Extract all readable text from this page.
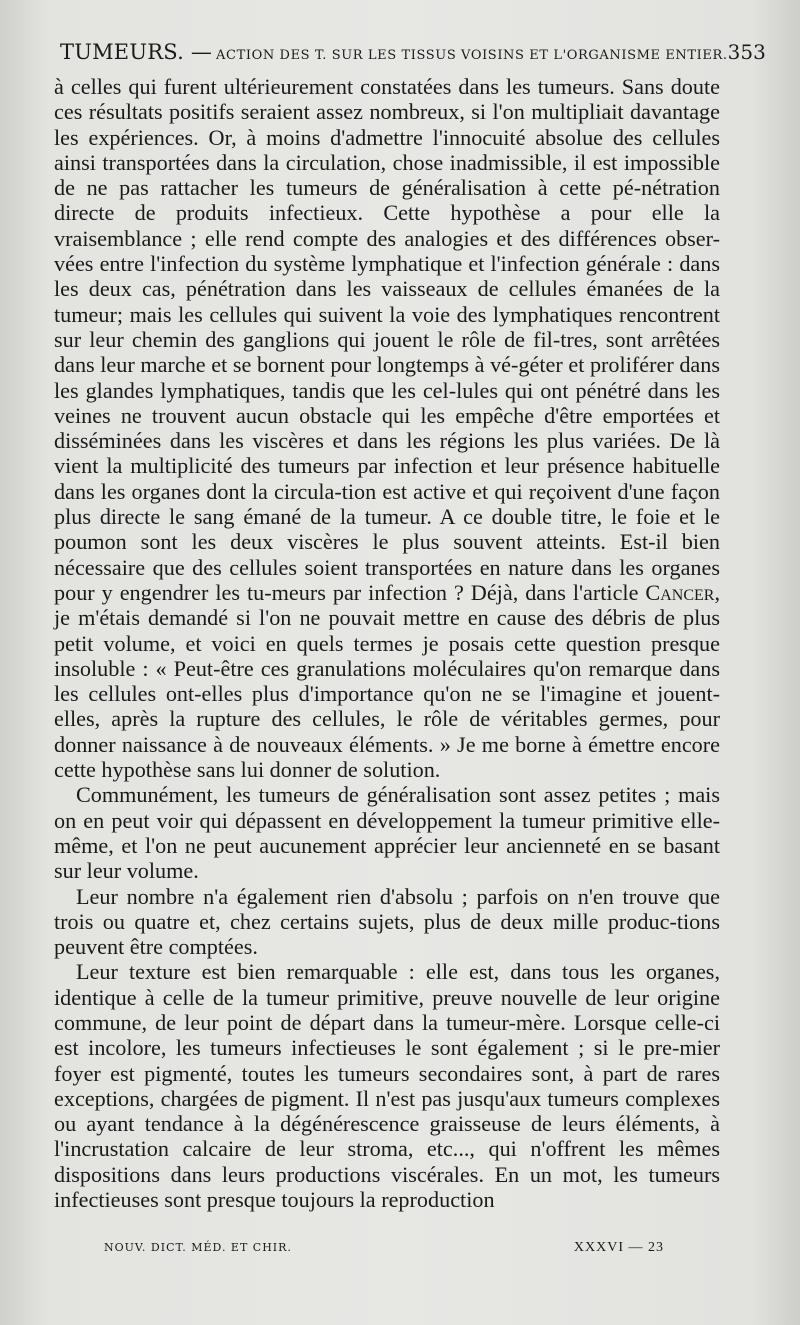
TUMEURS. — ACTION DES T. SUR LES TISSUS VOISINS ET L'ORGANISME ENTIER. 353

à celles qui furent ultérieurement constatées dans les tumeurs. Sans doute ces résultats positifs seraient assez nombreux, si l'on multipliait davantage les expériences. Or, à moins d'admettre l'innocuité absolue des cellules ainsi transportées dans la circulation, chose inadmissible, il est impossible de ne pas rattacher les tumeurs de généralisation à cette pé-nétration directe de produits infectieux. Cette hypothèse a pour elle la vraisemblance ; elle rend compte des analogies et des différences obser-vées entre l'infection du système lymphatique et l'infection générale : dans les deux cas, pénétration dans les vaisseaux de cellules émanées de la tumeur; mais les cellules qui suivent la voie des lymphatiques rencontrent sur leur chemin des ganglions qui jouent le rôle de fil-tres, sont arrêtées dans leur marche et se bornent pour longtemps à vé-géter et proliférer dans les glandes lymphatiques, tandis que les cel-lules qui ont pénétré dans les veines ne trouvent aucun obstacle qui les empêche d'être emportées et disséminées dans les viscères et dans les régions les plus variées. De là vient la multiplicité des tumeurs par infection et leur présence habituelle dans les organes dont la circula-tion est active et qui reçoivent d'une façon plus directe le sang émané de la tumeur. A ce double titre, le foie et le poumon sont les deux viscères le plus souvent atteints. Est-il bien nécessaire que des cellules soient transportées en nature dans les organes pour y engendrer les tu-meurs par infection ? Déjà, dans l'article Cancer, je m'étais demandé si l'on ne pouvait mettre en cause des débris de plus petit volume, et voici en quels termes je posais cette question presque insoluble : « Peut-être ces granulations moléculaires qu'on remarque dans les cellules ont-elles plus d'importance qu'on ne se l'imagine et jouent-elles, après la rupture des cellules, le rôle de véritables germes, pour donner naissance à de nouveaux éléments. » Je me borne à émettre encore cette hypothèse sans lui donner de solution.

Communément, les tumeurs de généralisation sont assez petites ; mais on en peut voir qui dépassent en développement la tumeur primitive elle-même, et l'on ne peut aucunement apprécier leur ancienneté en se basant sur leur volume.

Leur nombre n'a également rien d'absolu ; parfois on n'en trouve que trois ou quatre et, chez certains sujets, plus de deux mille produc-tions peuvent être comptées.

Leur texture est bien remarquable : elle est, dans tous les organes, identique à celle de la tumeur primitive, preuve nouvelle de leur origine commune, de leur point de départ dans la tumeur-mère. Lorsque celle-ci est incolore, les tumeurs infectieuses le sont également ; si le pre-mier foyer est pigmenté, toutes les tumeurs secondaires sont, à part de rares exceptions, chargées de pigment. Il n'est pas jusqu'aux tumeurs complexes ou ayant tendance à la dégénérescence graisseuse de leurs éléments, à l'incrustation calcaire de leur stroma, etc..., qui n'offrent les mêmes dispositions dans leurs productions viscérales. En un mot, les tumeurs infectieuses sont presque toujours la reproduction

NOUV. DICT. MÉD. ET CHIR.	XXXVI — 23
